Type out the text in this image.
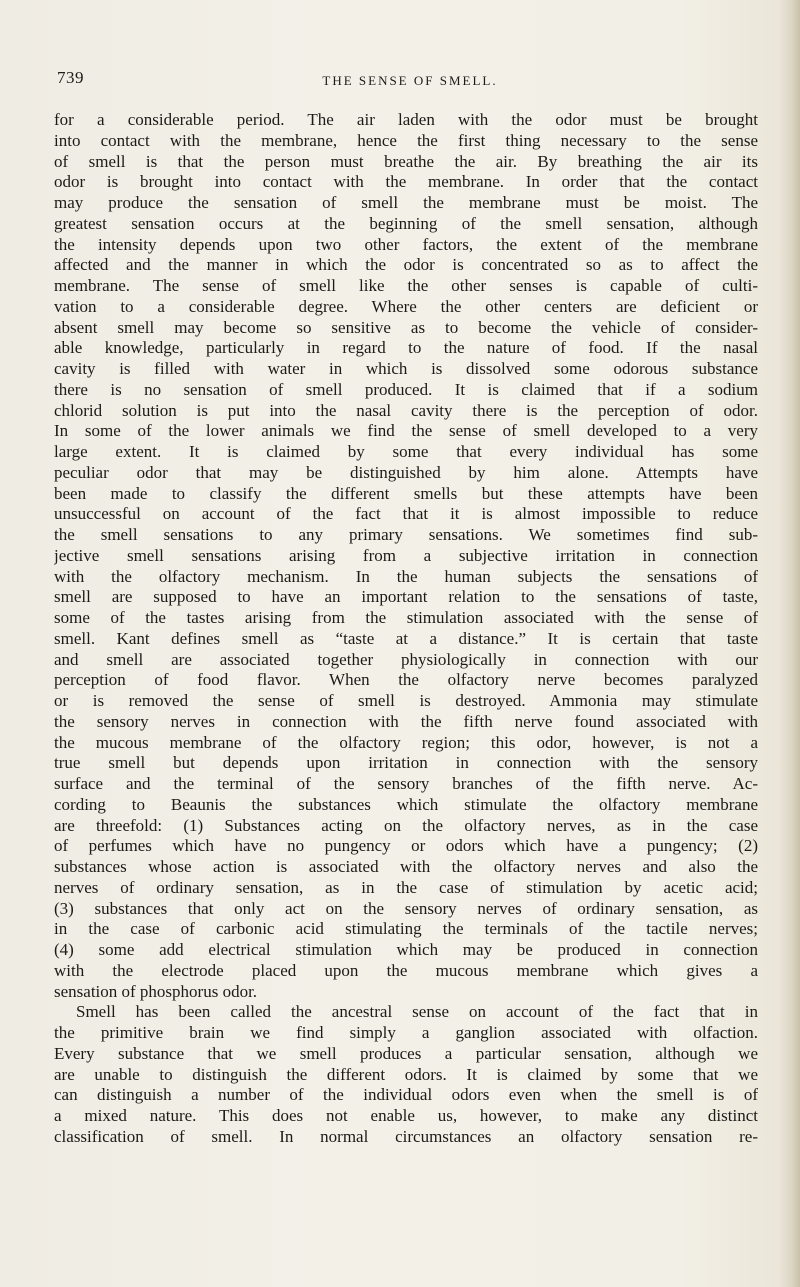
739	THE SENSE OF SMELL.
for a considerable period. The air laden with the odor must be brought
into contact with the membrane, hence the first thing necessary to the sense
of smell is that the person must breathe the air. By breathing the air its
odor is brought into contact with the membrane. In order that the contact
may produce the sensation of smell the membrane must be moist. The
greatest sensation occurs at the beginning of the smell sensation, although
the intensity depends upon two other factors, the extent of the membrane
affected and the manner in which the odor is concentrated so as to affect the
membrane. The sense of smell like the other senses is capable of culti-
vation to a considerable degree. Where the other centers are deficient or
absent smell may become so sensitive as to become the vehicle of consider-
able knowledge, particularly in regard to the nature of food. If the nasal
cavity is filled with water in which is dissolved some odorous substance
there is no sensation of smell produced. It is claimed that if a sodium
chlorid solution is put into the nasal cavity there is the perception of odor.
In some of the lower animals we find the sense of smell developed to a very
large extent. It is claimed by some that every individual has some
peculiar odor that may be distinguished by him alone. Attempts have
been made to classify the different smells but these attempts have been
unsuccessful on account of the fact that it is almost impossible to reduce
the smell sensations to any primary sensations. We sometimes find sub-
jective smell sensations arising from a subjective irritation in connection
with the olfactory mechanism. In the human subjects the sensations of
smell are supposed to have an important relation to the sensations of taste,
some of the tastes arising from the stimulation associated with the sense of
smell. Kant defines smell as “taste at a distance.” It is certain that taste
and smell are associated together physiologically in connection with our
perception of food flavor. When the olfactory nerve becomes paralyzed
or is removed the sense of smell is destroyed. Ammonia may stimulate
the sensory nerves in connection with the fifth nerve found associated with
the mucous membrane of the olfactory region; this odor, however, is not a
true smell but depends upon irritation in connection with the sensory
surface and the terminal of the sensory branches of the fifth nerve. Ac-
cording to Beaunis the substances which stimulate the olfactory membrane
are threefold: (1) Substances acting on the olfactory nerves, as in the case
of perfumes which have no pungency or odors which have a pungency; (2)
substances whose action is associated with the olfactory nerves and also the
nerves of ordinary sensation, as in the case of stimulation by acetic acid;
(3) substances that only act on the sensory nerves of ordinary sensation, as
in the case of carbonic acid stimulating the terminals of the tactile nerves;
(4) some add electrical stimulation which may be produced in connection
with the electrode placed upon the mucous membrane which gives a
sensation of phosphorus odor.
Smell has been called the ancestral sense on account of the fact that in
the primitive brain we find simply a ganglion associated with olfaction.
Every substance that we smell produces a particular sensation, although we
are unable to distinguish the different odors. It is claimed by some that we
can distinguish a number of the individual odors even when the smell is of
a mixed nature. This does not enable us, however, to make any distinct
classification of smell. In normal circumstances an olfactory sensation re-
